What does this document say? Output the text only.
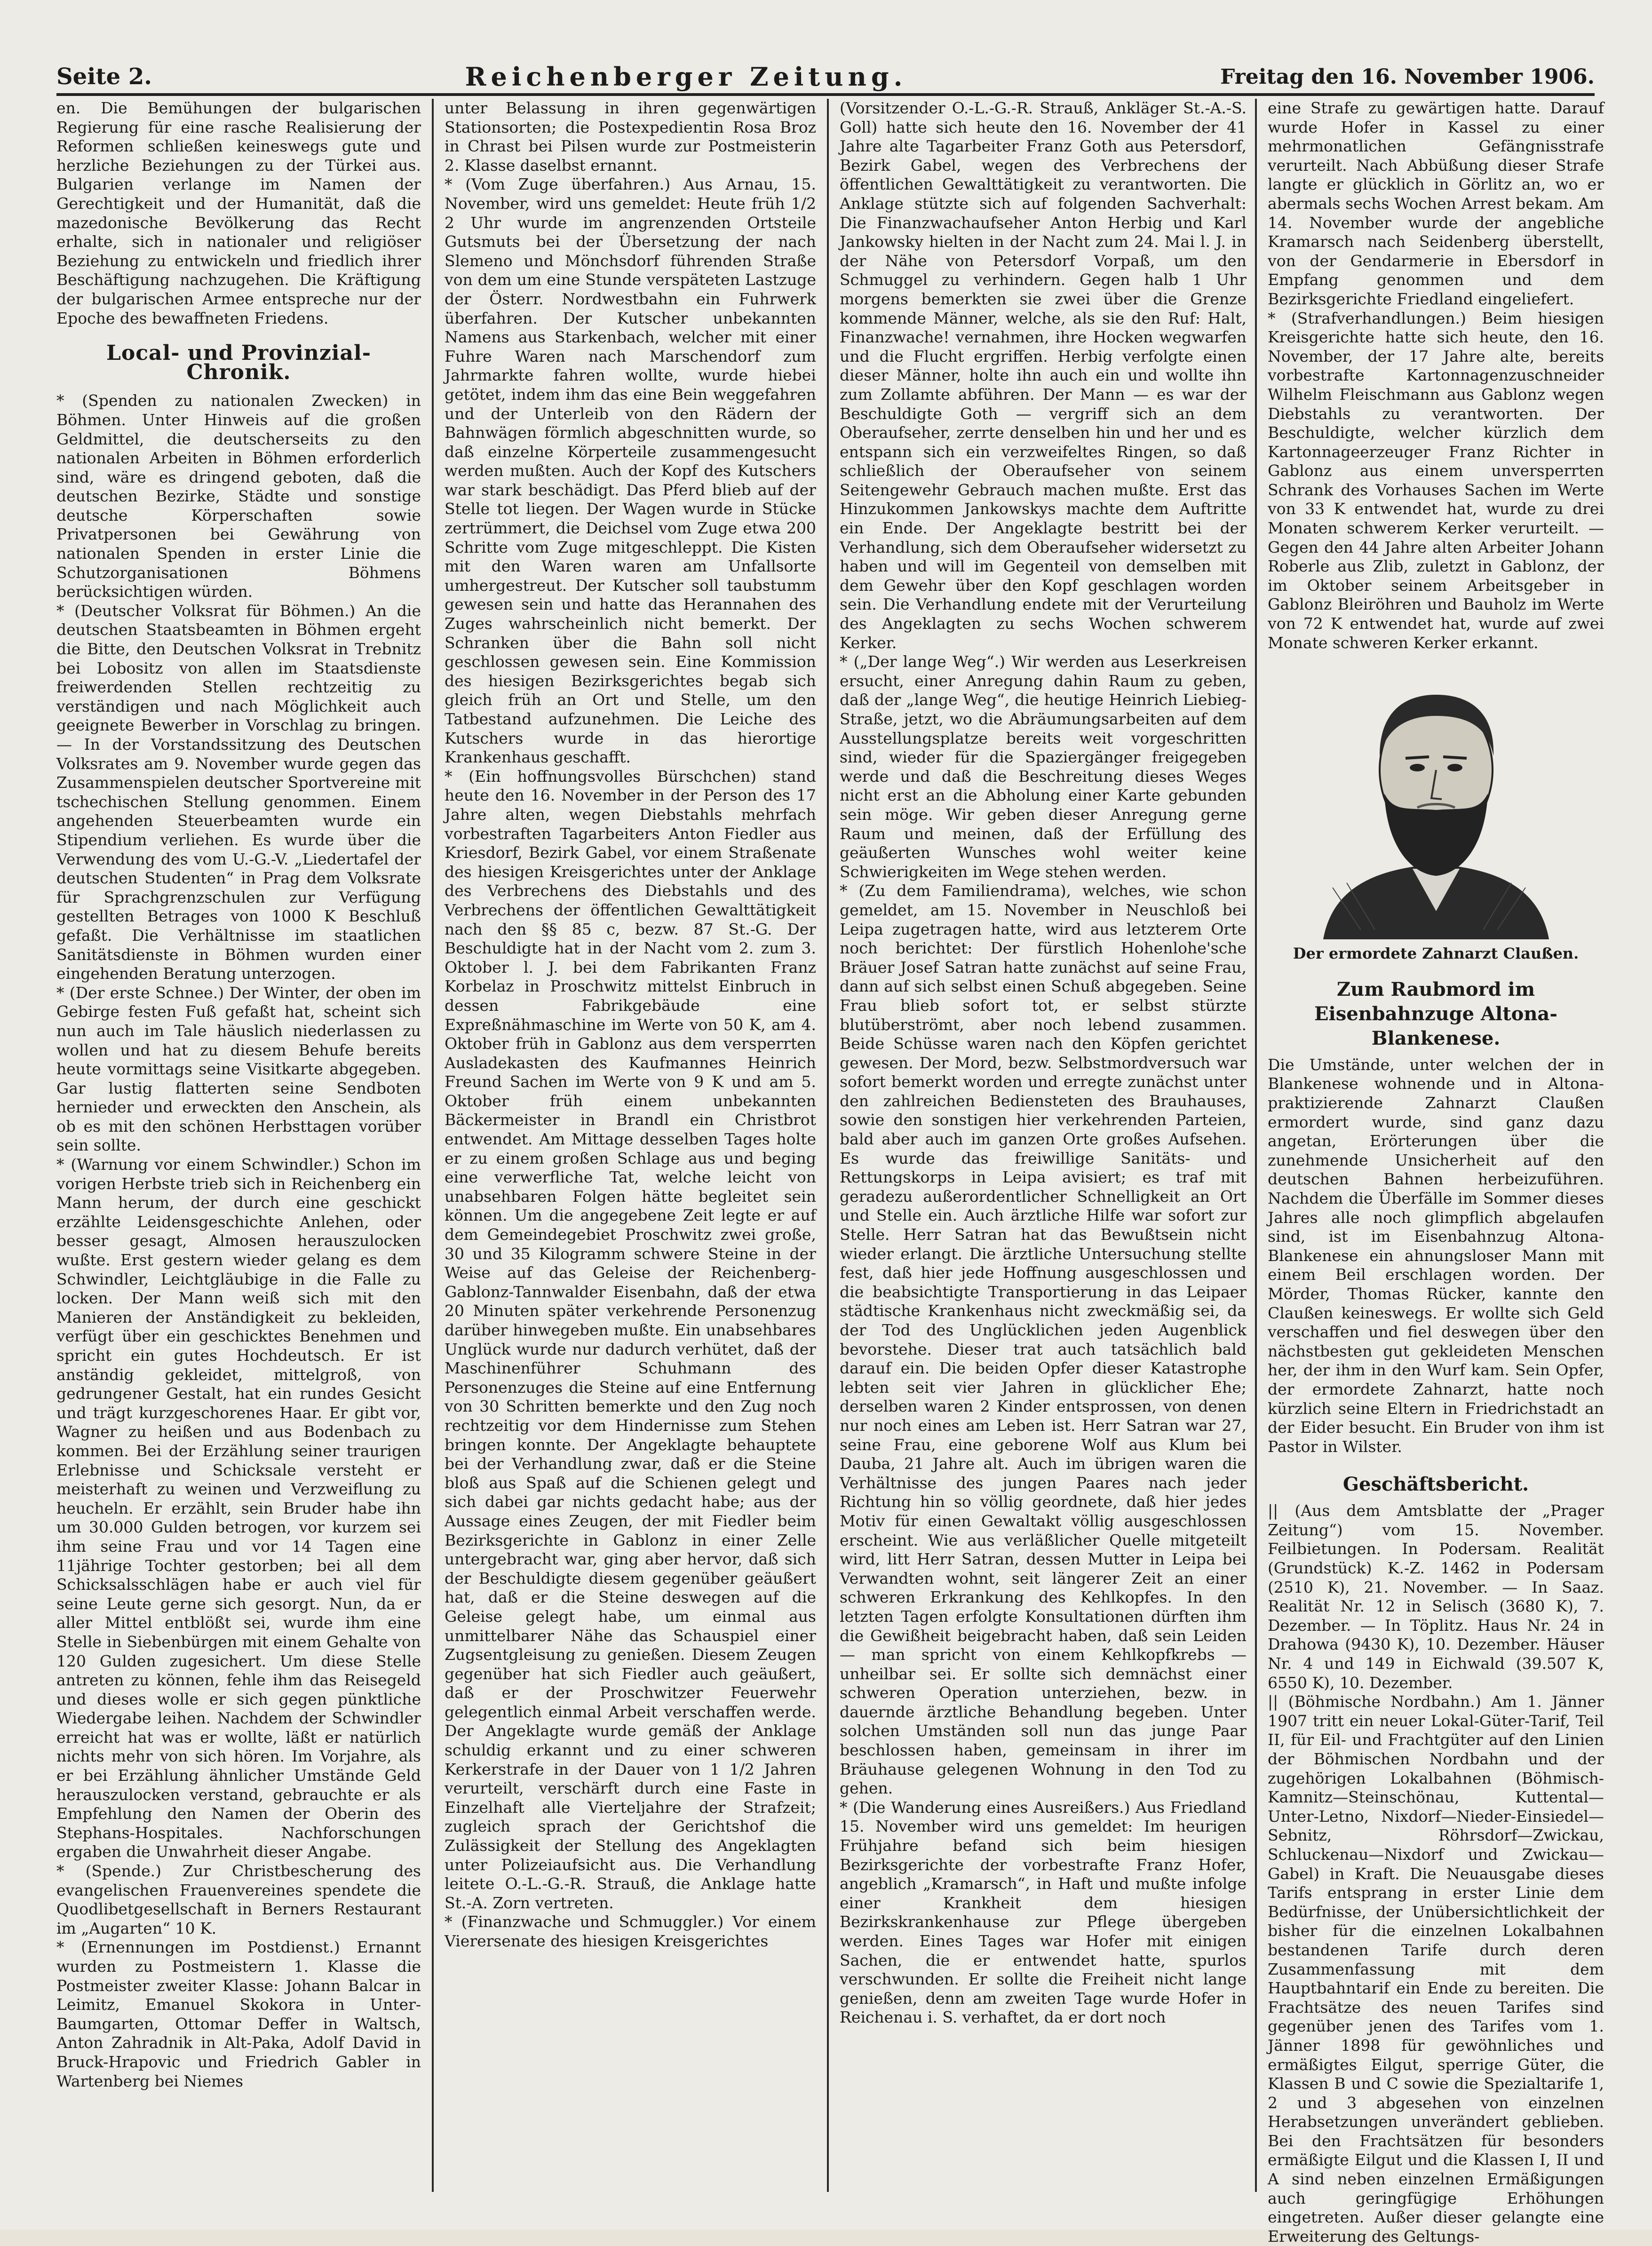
Seite 2.	Reichenberger Zeitung.	Freitag den 16. November 1906.

en. Die Bemühungen der bulgarischen Regierung für eine rasche Realisierung der Reformen schließen keineswegs gute und herzliche Beziehungen zu der Türkei aus. Bulgarien verlange im Namen der Gerechtigkeit und der Humanität, daß die mazedonische Bevölkerung das Recht erhalte, sich in nationaler und religiöser Beziehung zu entwickeln und friedlich ihrer Beschäftigung nachzugehen. Die Kräftigung der bulgarischen Armee entspreche nur der Epoche des bewaffneten Friedens.

Local- und Provinzial-Chronik.

* (Spenden zu nationalen Zwecken) in Böhmen. Unter Hinweis auf die großen Geldmittel, die deutscherseits zu den nationalen Arbeiten in Böhmen erforderlich sind, wäre es dringend geboten, daß die deutschen Bezirke, Städte und sonstige deutsche Körperschaften sowie Privatpersonen bei Gewährung von nationalen Spenden in erster Linie die Schutzorganisationen Böhmens berücksichtigen würden.

* (Deutscher Volksrat für Böhmen.) An die deutschen Staatsbeamten in Böhmen ergeht die Bitte, den Deutschen Volksrat in Trebnitz bei Lobositz von allen im Staatsdienste freiwerdenden Stellen rechtzeitig zu verständigen und nach Möglichkeit auch geeignete Bewerber in Vorschlag zu bringen. — In der Vorstandssitzung des Deutschen Volksrates am 9. November wurde gegen das Zusammenspielen deutscher Sportvereine mit tschechischen Stellung genommen. Einem angehenden Steuerbeamten wurde ein Stipendium verliehen. Es wurde über die Verwendung des vom U.-G.-V. „Liedertafel der deutschen Studenten“ in Prag dem Volksrate für Sprachgrenzschulen zur Verfügung gestellten Betrages von 1000 K Beschluß gefaßt. Die Verhältnisse im staatlichen Sanitätsdienste in Böhmen wurden einer eingehenden Beratung unterzogen.

* (Der erste Schnee.) Der Winter, der oben im Gebirge festen Fuß gefaßt hat, scheint sich nun auch im Tale häuslich niederlassen zu wollen und hat zu diesem Behufe bereits heute vormittags seine Visitkarte abgegeben. Gar lustig flatterten seine Sendboten hernieder und erweckten den Anschein, als ob es mit den schönen Herbsttagen vorüber sein sollte.

* (Warnung vor einem Schwindler.) Schon im vorigen Herbste trieb sich in Reichenberg ein Mann herum, der durch eine geschickt erzählte Leidensgeschichte Anlehen, oder besser gesagt, Almosen herauszulocken wußte. Erst gestern wieder gelang es dem Schwindler, Leichtgläubige in die Falle zu locken. Der Mann weiß sich mit den Manieren der Anständigkeit zu bekleiden, verfügt über ein geschicktes Benehmen und spricht ein gutes Hochdeutsch. Er ist anständig gekleidet, mittelgroß, von gedrungener Gestalt, hat ein rundes Gesicht und trägt kurzgeschorenes Haar. Er gibt vor, Wagner zu heißen und aus Bodenbach zu kommen. Bei der Erzählung seiner traurigen Erlebnisse und Schicksale versteht er meisterhaft zu weinen und Verzweiflung zu heucheln. Er erzählt, sein Bruder habe ihn um 30.000 Gulden betrogen, vor kurzem sei ihm seine Frau und vor 14 Tagen eine 11jährige Tochter gestorben; bei all dem Schicksalsschlägen habe er auch viel für seine Leute gerne sich gesorgt. Nun, da er aller Mittel entblößt sei, wurde ihm eine Stelle in Siebenbürgen mit einem Gehalte von 120 Gulden zugesichert. Um diese Stelle antreten zu können, fehle ihm das Reisegeld und dieses wolle er sich gegen pünktliche Wiedergabe leihen. Nachdem der Schwindler erreicht hat was er wollte, läßt er natürlich nichts mehr von sich hören. Im Vorjahre, als er bei Erzählung ähnlicher Umstände Geld herauszulocken verstand, gebrauchte er als Empfehlung den Namen der Oberin des Stephans-Hospitales. Nachforschungen ergaben die Unwahrheit dieser Angabe.

* (Spende.) Zur Christbescherung des evangelischen Frauenvereines spendete die Quodlibetgesellschaft in Berners Restaurant im „Augarten“ 10 K.

* (Ernennungen im Postdienst.) Ernannt wurden zu Postmeistern 1. Klasse die Postmeister zweiter Klasse: Johann Balcar in Leimitz, Emanuel Skokora in Unter-Baumgarten, Ottomar Deffer in Waltsch, Anton Zahradnik in Alt-Paka, Adolf David in Bruck-Hrapovic und Friedrich Gabler in Wartenberg bei Niemes

unter Belassung in ihren gegenwärtigen Stationsorten; die Postexpedientin Rosa Broz in Chrast bei Pilsen wurde zur Postmeisterin 2. Klasse daselbst ernannt.

* (Vom Zuge überfahren.) Aus Arnau, 15. November, wird uns gemeldet: Heute früh 1/2 2 Uhr wurde im angrenzenden Ortsteile Gutsmuts bei der Übersetzung der nach Slemeno und Mönchsdorf führenden Straße von dem um eine Stunde verspäteten Lastzuge der Österr. Nordwestbahn ein Fuhrwerk überfahren. Der Kutscher unbekannten Namens aus Starkenbach, welcher mit einer Fuhre Waren nach Marschendorf zum Jahrmarkte fahren wollte, wurde hiebei getötet, indem ihm das eine Bein weggefahren und der Unterleib von den Rädern der Bahnwägen förmlich abgeschnitten wurde, so daß einzelne Körperteile zusammengesucht werden mußten. Auch der Kopf des Kutschers war stark beschädigt. Das Pferd blieb auf der Stelle tot liegen. Der Wagen wurde in Stücke zertrümmert, die Deichsel vom Zuge etwa 200 Schritte vom Zuge mitgeschleppt. Die Kisten mit den Waren waren am Unfallsorte umhergestreut. Der Kutscher soll taubstumm gewesen sein und hatte das Herannahen des Zuges wahrscheinlich nicht bemerkt. Der Schranken über die Bahn soll nicht geschlossen gewesen sein. Eine Kommission des hiesigen Bezirksgerichtes begab sich gleich früh an Ort und Stelle, um den Tatbestand aufzunehmen. Die Leiche des Kutschers wurde in das hierortige Krankenhaus geschafft.

* (Ein hoffnungsvolles Bürschchen) stand heute den 16. November in der Person des 17 Jahre alten, wegen Diebstahls mehrfach vorbestraften Tagarbeiters Anton Fiedler aus Kriesdorf, Bezirk Gabel, vor einem Straßenate des hiesigen Kreisgerichtes unter der Anklage des Verbrechens des Diebstahls und des Verbrechens der öffentlichen Gewalttätigkeit nach den §§ 85 c, bezw. 87 St.-G. Der Beschuldigte hat in der Nacht vom 2. zum 3. Oktober l. J. bei dem Fabrikanten Franz Korbelaz in Proschwitz mittelst Einbruch in dessen Fabrikgebäude eine Expreßnähmaschine im Werte von 50 K, am 4. Oktober früh in Gablonz aus dem versperrten Ausladekasten des Kaufmannes Heinrich Freund Sachen im Werte von 9 K und am 5. Oktober früh einem unbekannten Bäckermeister in Brandl ein Christbrot entwendet. Am Mittage desselben Tages holte er zu einem großen Schlage aus und beging eine verwerfliche Tat, welche leicht von unabsehbaren Folgen hätte begleitet sein können. Um die angegebene Zeit legte er auf dem Gemeindegebiet Proschwitz zwei große, 30 und 35 Kilogramm schwere Steine in der Weise auf das Geleise der Reichenberg-Gablonz-Tannwalder Eisenbahn, daß der etwa 20 Minuten später verkehrende Personenzug darüber hinwegeben mußte. Ein unabsehbares Unglück wurde nur dadurch verhütet, daß der Maschinenführer Schuhmann des Personenzuges die Steine auf eine Entfernung von 30 Schritten bemerkte und den Zug noch rechtzeitig vor dem Hindernisse zum Stehen bringen konnte. Der Angeklagte behauptete bei der Verhandlung zwar, daß er die Steine bloß aus Spaß auf die Schienen gelegt und sich dabei gar nichts gedacht habe; aus der Aussage eines Zeugen, der mit Fiedler beim Bezirksgerichte in Gablonz in einer Zelle untergebracht war, ging aber hervor, daß sich der Beschuldigte diesem gegenüber geäußert hat, daß er die Steine deswegen auf die Geleise gelegt habe, um einmal aus unmittelbarer Nähe das Schauspiel einer Zugsentgleisung zu genießen. Diesem Zeugen gegenüber hat sich Fiedler auch geäußert, daß er der Proschwitzer Feuerwehr gelegentlich einmal Arbeit verschaffen werde. Der Angeklagte wurde gemäß der Anklage schuldig erkannt und zu einer schweren Kerkerstrafe in der Dauer von 1 1/2 Jahren verurteilt, verschärft durch eine Faste in Einzelhaft alle Vierteljahre der Strafzeit; zugleich sprach der Gerichtshof die Zulässigkeit der Stellung des Angeklagten unter Polizeiaufsicht aus. Die Verhandlung leitete O.-L.-G.-R. Strauß, die Anklage hatte St.-A. Zorn vertreten.

* (Finanzwache und Schmuggler.) Vor einem Vierersenate des hiesigen Kreisgerichtes

(Vorsitzender O.-L.-G.-R. Strauß, Ankläger St.-A.-S. Goll) hatte sich heute den 16. November der 41 Jahre alte Tagarbeiter Franz Goth aus Petersdorf, Bezirk Gabel, wegen des Verbrechens der öffentlichen Gewalttätigkeit zu verantworten. Die Anklage stützte sich auf folgenden Sachverhalt: Die Finanzwachaufseher Anton Herbig und Karl Jankowsky hielten in der Nacht zum 24. Mai l. J. in der Nähe von Petersdorf Vorpaß, um den Schmuggel zu verhindern. Gegen halb 1 Uhr morgens bemerkten sie zwei über die Grenze kommende Männer, welche, als sie den Ruf: Halt, Finanzwache! vernahmen, ihre Hocken wegwarfen und die Flucht ergriffen. Herbig verfolgte einen dieser Männer, holte ihn auch ein und wollte ihn zum Zollamte abführen. Der Mann — es war der Beschuldigte Goth — vergriff sich an dem Oberaufseher, zerrte denselben hin und her und es entspann sich ein verzweifeltes Ringen, so daß schließlich der Oberaufseher von seinem Seitengewehr Gebrauch machen mußte. Erst das Hinzukommen Jankowskys machte dem Auftritte ein Ende. Der Angeklagte bestritt bei der Verhandlung, sich dem Oberaufseher widersetzt zu haben und will im Gegenteil von demselben mit dem Gewehr über den Kopf geschlagen worden sein. Die Verhandlung endete mit der Verurteilung des Angeklagten zu sechs Wochen schwerem Kerker.

* („Der lange Weg“.) Wir werden aus Leserkreisen ersucht, einer Anregung dahin Raum zu geben, daß der „lange Weg“, die heutige Heinrich Liebieg-Straße, jetzt, wo die Abräumungsarbeiten auf dem Ausstellungsplatze bereits weit vorgeschritten sind, wieder für die Spaziergänger freigegeben werde und daß die Beschreitung dieses Weges nicht erst an die Abholung einer Karte gebunden sein möge. Wir geben dieser Anregung gerne Raum und meinen, daß der Erfüllung des geäußerten Wunsches wohl weiter keine Schwierigkeiten im Wege stehen werden.

* (Zu dem Familiendrama), welches, wie schon gemeldet, am 15. November in Neuschloß bei Leipa zugetragen hatte, wird aus letzterem Orte noch berichtet: Der fürstlich Hohenlohe'sche Bräuer Josef Satran hatte zunächst auf seine Frau, dann auf sich selbst einen Schuß abgegeben. Seine Frau blieb sofort tot, er selbst stürzte blutüberströmt, aber noch lebend zusammen. Beide Schüsse waren nach den Köpfen gerichtet gewesen. Der Mord, bezw. Selbstmordversuch war sofort bemerkt worden und erregte zunächst unter den zahlreichen Bediensteten des Brauhauses, sowie den sonstigen hier verkehrenden Parteien, bald aber auch im ganzen Orte großes Aufsehen. Es wurde das freiwillige Sanitäts- und Rettungskorps in Leipa avisiert; es traf mit geradezu außerordentlicher Schnelligkeit an Ort und Stelle ein. Auch ärztliche Hilfe war sofort zur Stelle. Herr Satran hat das Bewußtsein nicht wieder erlangt. Die ärztliche Untersuchung stellte fest, daß hier jede Hoffnung ausgeschlossen und die beabsichtigte Transportierung in das Leipaer städtische Krankenhaus nicht zweckmäßig sei, da der Tod des Unglücklichen jeden Augenblick bevorstehe. Dieser trat auch tatsächlich bald darauf ein. Die beiden Opfer dieser Katastrophe lebten seit vier Jahren in glücklicher Ehe; derselben waren 2 Kinder entsprossen, von denen nur noch eines am Leben ist. Herr Satran war 27, seine Frau, eine geborene Wolf aus Klum bei Dauba, 21 Jahre alt. Auch im übrigen waren die Verhältnisse des jungen Paares nach jeder Richtung hin so völlig geordnete, daß hier jedes Motiv für einen Gewaltakt völlig ausgeschlossen erscheint. Wie aus verläßlicher Quelle mitgeteilt wird, litt Herr Satran, dessen Mutter in Leipa bei Verwandten wohnt, seit längerer Zeit an einer schweren Erkrankung des Kehlkopfes. In den letzten Tagen erfolgte Konsultationen dürften ihm die Gewißheit beigebracht haben, daß sein Leiden — man spricht von einem Kehlkopfkrebs — unheilbar sei. Er sollte sich demnächst einer schweren Operation unterziehen, bezw. in dauernde ärztliche Behandlung begeben. Unter solchen Umständen soll nun das junge Paar beschlossen haben, gemeinsam in ihrer im Bräuhause gelegenen Wohnung in den Tod zu gehen.

* (Die Wanderung eines Ausreißers.) Aus Friedland 15. November wird uns gemeldet: Im heurigen Frühjahre befand sich beim hiesigen Bezirksgerichte der vorbestrafte Franz Hofer, angeblich „Kramarsch“, in Haft und mußte infolge einer Krankheit dem hiesigen Bezirkskrankenhause zur Pflege übergeben werden. Eines Tages war Hofer mit einigen Sachen, die er entwendet hatte, spurlos verschwunden. Er sollte die Freiheit nicht lange genießen, denn am zweiten Tage wurde Hofer in Reichenau i. S. verhaftet, da er dort noch

eine Strafe zu gewärtigen hatte. Darauf wurde Hofer in Kassel zu einer mehrmonatlichen Gefängnisstrafe verurteilt. Nach Abbüßung dieser Strafe langte er glücklich in Görlitz an, wo er abermals sechs Wochen Arrest bekam. Am 14. November wurde der angebliche Kramarsch nach Seidenberg überstellt, von der Gendarmerie in Ebersdorf in Empfang genommen und dem Bezirksgerichte Friedland eingeliefert.

* (Strafverhandlungen.) Beim hiesigen Kreisgerichte hatte sich heute, den 16. November, der 17 Jahre alte, bereits vorbestrafte Kartonnagenzuschneider Wilhelm Fleischmann aus Gablonz wegen Diebstahls zu verantworten. Der Beschuldigte, welcher kürzlich dem Kartonnageerzeuger Franz Richter in Gablonz aus einem unversperrten Schrank des Vorhauses Sachen im Werte von 33 K entwendet hat, wurde zu drei Monaten schwerem Kerker verurteilt. — Gegen den 44 Jahre alten Arbeiter Johann Roberle aus Zlib, zuletzt in Gablonz, der im Oktober seinem Arbeitsgeber in Gablonz Bleiröhren und Bauholz im Werte von 72 K entwendet hat, wurde auf zwei Monate schweren Kerker erkannt.

Der ermordete Zahnarzt Claußen.
Zum Raubmord im Eisenbahnzuge Altona-Blankenese.

Die Umstände, unter welchen der in Blankenese wohnende und in Altona-praktizierende Zahnarzt Claußen ermordert wurde, sind ganz dazu angetan, Erörterungen über die zunehmende Unsicherheit auf den deutschen Bahnen herbeizuführen. Nachdem die Überfälle im Sommer dieses Jahres alle noch glimpflich abgelaufen sind, ist im Eisenbahnzug Altona-Blankenese ein ahnungsloser Mann mit einem Beil erschlagen worden. Der Mörder, Thomas Rücker, kannte den Claußen keineswegs. Er wollte sich Geld verschaffen und fiel deswegen über den nächstbesten gut gekleideten Menschen her, der ihm in den Wurf kam. Sein Opfer, der ermordete Zahnarzt, hatte noch kürzlich seine Eltern in Friedrichstadt an der Eider besucht. Ein Bruder von ihm ist Pastor in Wilster.

Geschäftsbericht.

|| (Aus dem Amtsblatte der „Prager Zeitung“) vom 15. November. Feilbietungen. In Podersam. Realität (Grundstück) K.-Z. 1462 in Podersam (2510 K), 21. November. — In Saaz. Realität Nr. 12 in Selisch (3680 K), 7. Dezember. — In Töplitz. Haus Nr. 24 in Drahowa (9430 K), 10. Dezember. Häuser Nr. 4 und 149 in Eichwald (39.507 K, 6550 K), 10. Dezember.

|| (Böhmische Nordbahn.) Am 1. Jänner 1907 tritt ein neuer Lokal-Güter-Tarif, Teil II, für Eil- und Frachtgüter auf den Linien der Böhmischen Nordbahn und der zugehörigen Lokalbahnen (Böhmisch-Kamnitz—Steinschönau, Kuttental—Unter-Letno, Nixdorf—Nieder-Einsiedel—Sebnitz, Röhrsdorf—Zwickau, Schluckenau—Nixdorf und Zwickau—Gabel) in Kraft. Die Neuausgabe dieses Tarifs entsprang in erster Linie dem Bedürfnisse, der Unübersichtlichkeit der bisher für die einzelnen Lokalbahnen bestandenen Tarife durch deren Zusammenfassung mit dem Hauptbahntarif ein Ende zu bereiten. Die Frachtsätze des neuen Tarifes sind gegenüber jenen des Tarifes vom 1. Jänner 1898 für gewöhnliches und ermäßigtes Eilgut, sperrige Güter, die Klassen B und C sowie die Spezialtarife 1, 2 und 3 abgesehen von einzelnen Herabsetzungen unverändert geblieben. Bei den Frachtsätzen für besonders ermäßigte Eilgut und die Klassen I, II und A sind neben einzelnen Ermäßigungen auch geringfügige Erhöhungen eingetreten. Außer dieser gelangte eine Erweiterung des Geltungs-
